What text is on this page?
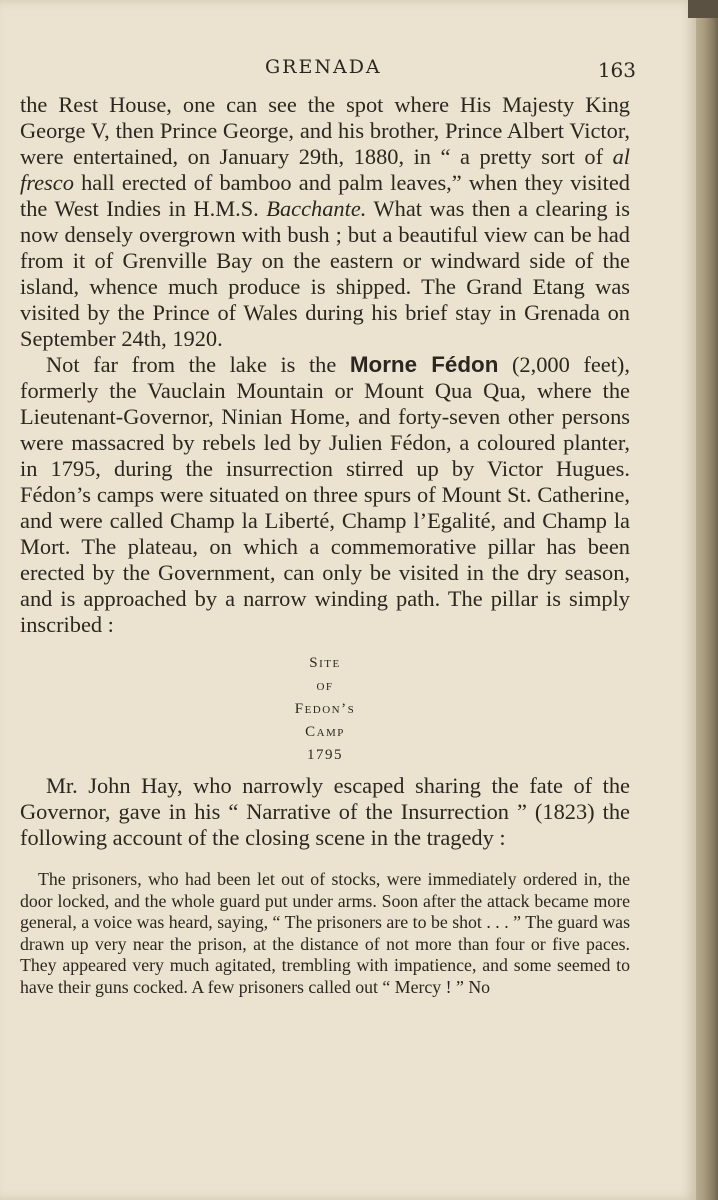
GRENADA	163

the Rest House, one can see the spot where His Majesty King George V, then Prince George, and his brother, Prince Albert Victor, were entertained, on January 29th, 1880, in “ a pretty sort of al fresco hall erected of bamboo and palm leaves,” when they visited the West Indies in H.M.S. Bacchante. What was then a clearing is now densely overgrown with bush ; but a beautiful view can be had from it of Grenville Bay on the eastern or windward side of the island, whence much produce is shipped. The Grand Etang was visited by the Prince of Wales during his brief stay in Grenada on September 24th, 1920.

Not far from the lake is the Morne Fédon (2,000 feet), formerly the Vauclain Mountain or Mount Qua Qua, where the Lieutenant-Governor, Ninian Home, and forty-seven other persons were massacred by rebels led by Julien Fédon, a coloured planter, in 1795, during the insurrection stirred up by Victor Hugues. Fédon’s camps were situated on three spurs of Mount St. Catherine, and were called Champ la Liberté, Champ l’Egalité, and Champ la Mort. The plateau, on which a commemorative pillar has been erected by the Government, can only be visited in the dry season, and is approached by a narrow winding path. The pillar is simply inscribed :

Site
of
Fedon’s
Camp
1795

Mr. John Hay, who narrowly escaped sharing the fate of the Governor, gave in his “ Narrative of the Insurrection ” (1823) the following account of the closing scene in the tragedy :

The prisoners, who had been let out of stocks, were immediately ordered in, the door locked, and the whole guard put under arms. Soon after the attack became more general, a voice was heard, saying, “ The prisoners are to be shot . . . ” The guard was drawn up very near the prison, at the distance of not more than four or five paces. They appeared very much agitated, trembling with impatience, and some seemed to have their guns cocked. A few prisoners called out “ Mercy ! ” No
